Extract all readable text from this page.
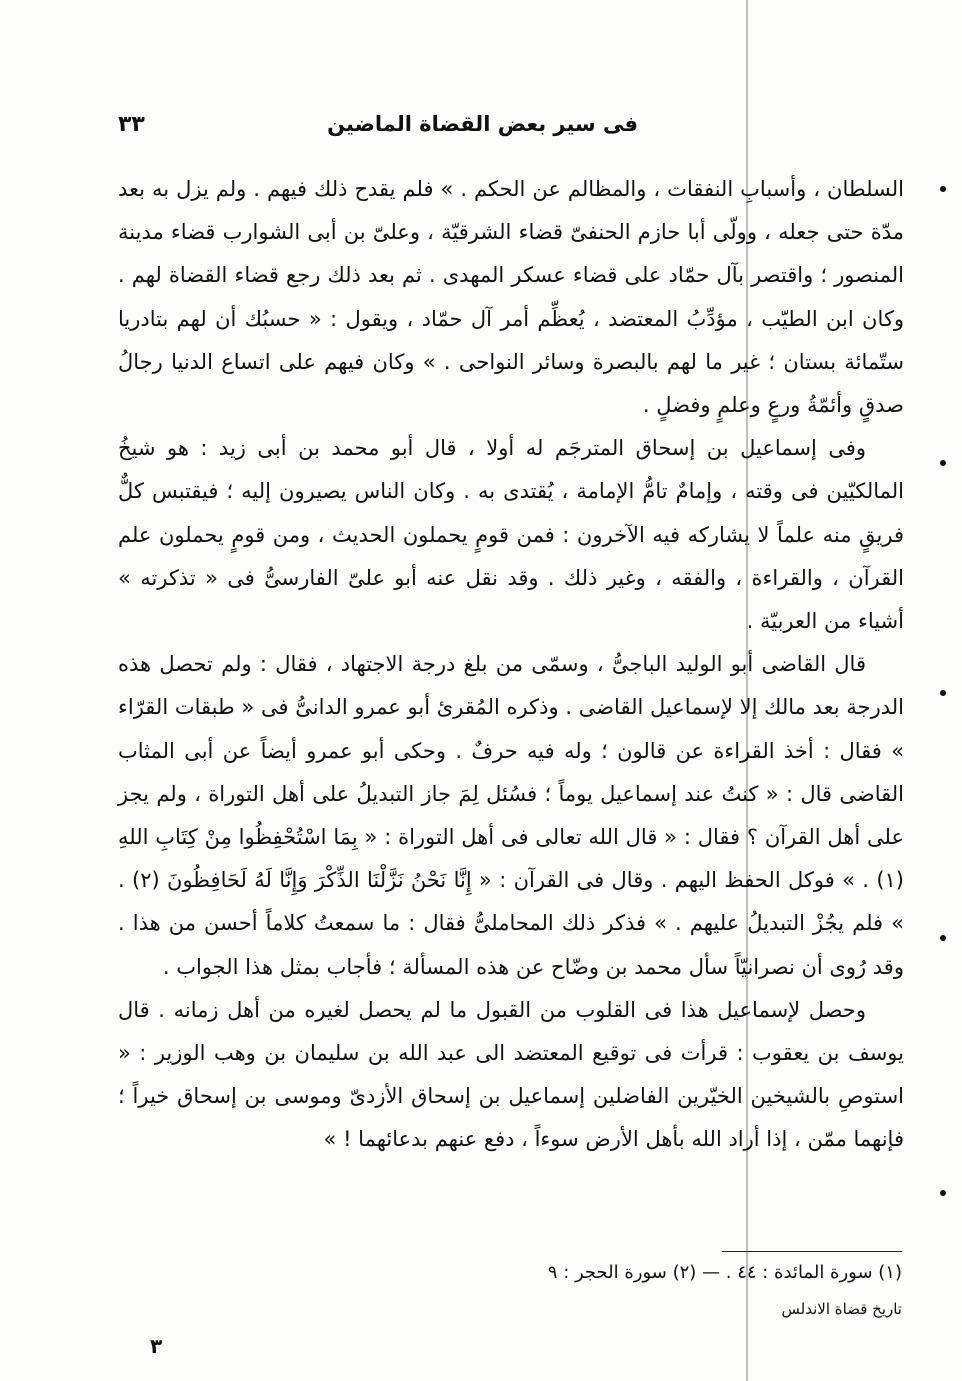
فى سير بعض القضاة الماضين
٣٣

السلطان ، وأسبابِ النفقات ، والمظالم عن الحكم . » فلم يقدح ذلك فيهم . ولم يزل به بعد مدّة حتى جعله ، وولّى أبا حازم الحنفىّ قضاء الشرقيّة ، وعلىّ بن أبى الشوارب قضاء مدينة المنصور ؛ واقتصر بآل حمّاد على قضاء عسكر المهدى . ثم بعد ذلك رجع قضاء القضاة لهم . وكان ابن الطيّب ، مؤدِّبُ المعتضد ، يُعظِّم أمر آل حمّاد ، ويقول : « حسبُك أن لهم بتادريا ستّمائة بستان ؛ غير ما لهم بالبصرة وسائر النواحى . » وكان فيهم على اتساع الدنيا رجالُ صدقٍ وأئمّةُ ورعٍ وعلمٍ وفضلٍ .

وفى إسماعيل بن إسحاق المترجَم له أولا ، قال أبو محمد بن أبى زيد : هو شيخُ المالكيّين فى وقته ، وإمامٌ تامُّ الإمامة ، يُقتدى به . وكان الناس يصيرون إليه ؛ فيقتبس كلٌّ فريقٍ منه علماً لا يشاركه فيه الآخرون : فمن قومٍ يحملون الحديث ، ومن قومٍ يحملون علم القرآن ، والقراءة ، والفقه ، وغير ذلك . وقد نقل عنه أبو علىّ الفارسىُّ فى « تذكرته » أشياء من العربيّة .

قال القاضى أبو الوليد الباجىُّ ، وسمّى من بلغ درجة الاجتهاد ، فقال : ولم تحصل هذه الدرجة بعد مالك إلا لإسماعيل القاضى . وذكره المُقرئ أبو عمرو الدانىُّ فى « طبقات القرّاء » فقال : أخذ القراءة عن قالون ؛ وله فيه حرفٌ . وحكى أبو عمرو أيضاً عن أبى المثاب القاضى قال : « كنتُ عند إسماعيل يوماً ؛ فسُئل لِمَ جاز التبديلُ على أهل التوراة ، ولم يجز على أهل القرآن ؟ فقال : « قال الله تعالى فى أهل التوراة : « بِمَا اسْتُحْفِظُوا مِنْ كِتَابِ اللهِ (١) . » فوكل الحفظ اليهم . وقال فى القرآن : « إِنَّا نَحْنُ نَزَّلْنَا الذِّكْرَ وَإِنَّا لَهُ لَحَافِظُونَ (٢) . » فلم يجُزْ التبديلُ عليهم . » فذكر ذلك المحاملىُّ فقال : ما سمعتُ كلاماً أحسن من هذا . وقد رُوى أن نصرانيّاً سأل محمد بن وضّاح عن هذه المسألة ؛ فأجاب بمثل هذا الجواب .

وحصل لإسماعيل هذا فى القلوب من القبول ما لم يحصل لغيره من أهل زمانه . قال يوسف بن يعقوب : قرأت فى توقيع المعتضد الى عبد الله بن سليمان بن وهب الوزير : « استوصِ بالشيخين الخيّرين الفاضلين إسماعيل بن إسحاق الأزدىّ وموسى بن إسحاق خيراً ؛ فإنهما ممّن ، إذا أراد الله بأهل الأرض سوءاً ، دفع عنهم بدعائهما ! »

(١) سورة المائدة : ٤٤ . — (٢) سورة الحجر : ٩
تاريخ قضاة الاندلس
٣
